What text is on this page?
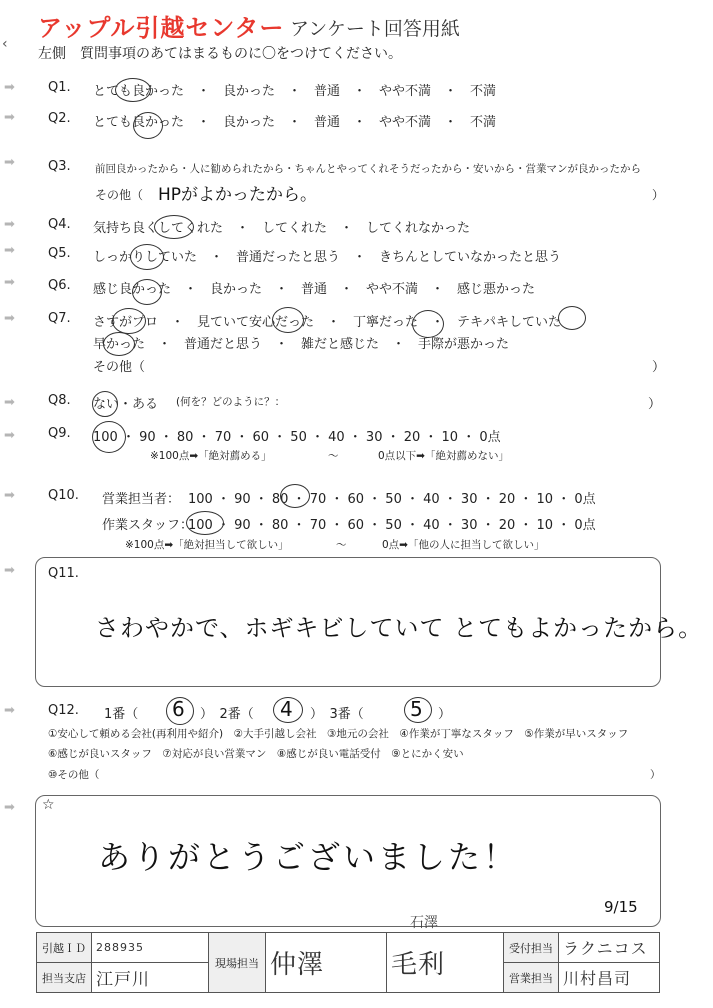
アップル引越センター アンケート回答用紙
‹
左側　質問事項のあてはまるものに〇をつけてください。
➡
➡
➡
➡
➡
➡
➡
➡
➡
➡
➡
➡
➡
Q1. とても良かった　・　良かった　・　普通　・　やや不満　・　不満
Q2. とても良かった　・　良かった　・　普通　・　やや不満　・　不満
Q3. 前回良かったから・人に勧められたから・ちゃんとやってくれそうだったから・安いから・営業マンが良かったから
その他（ HPがよかったから。	）
Q4. 気持ち良くしてくれた　・　してくれた　・　してくれなかった
Q5. しっかりしていた　・　普通だったと思う　・　きちんとしていなかったと思う
Q6. 感じ良かった　・　良かった　・　普通　・　やや不満　・　感じ悪かった
Q7. さすがプロ　・　見ていて安心だった　・　丁寧だった　・　テキパキしていた
早かった　・　普通だと思う　・　雑だと感じた　・　手際が悪かった
その他（	）
Q8. ない・ある (何を？どのように？：	）
Q9. 100 ・ 90 ・ 80 ・ 70 ・ 60 ・ 50 ・ 40 ・ 30 ・ 20 ・ 10 ・ 0点
※100点➡「絶対薦める」	〜	0点以下➡「絶対薦めない」
Q10. 営業担当者： 100 ・ 90 ・ 80 ・ 70 ・ 60 ・ 50 ・ 40 ・ 30 ・ 20 ・ 10 ・ 0点
作業スタッフ：
100 ・ 90 ・ 80 ・ 70 ・ 60 ・ 50 ・ 40 ・ 30 ・ 20 ・ 10 ・ 0点
※100点➡「絶対担当して欲しい」	〜	0点➡「他の人に担当して欲しい」
Q11.
さわやかで、ホギキビしていて とてもよかったから。
Q12. 1番（ 6 ）　2番（ 4 ）　3番（ 5 ）
①安心して頼める会社(再利用や紹介)　②大手引越し会社　③地元の会社　④作業が丁寧なスタッフ　⑤作業が早いスタッフ
⑥感じが良いスタッフ　⑦対応が良い営業マン　⑧感じが良い電話受付　⑨とにかく安い
⑩その他（	）
☆
ありがとうございました！
9/15
石澤
引越ＩＤ	288935	現場担当	仲澤	毛利	受付担当	ラクニコス
担当支店	江戸川				営業担当	川村昌司
